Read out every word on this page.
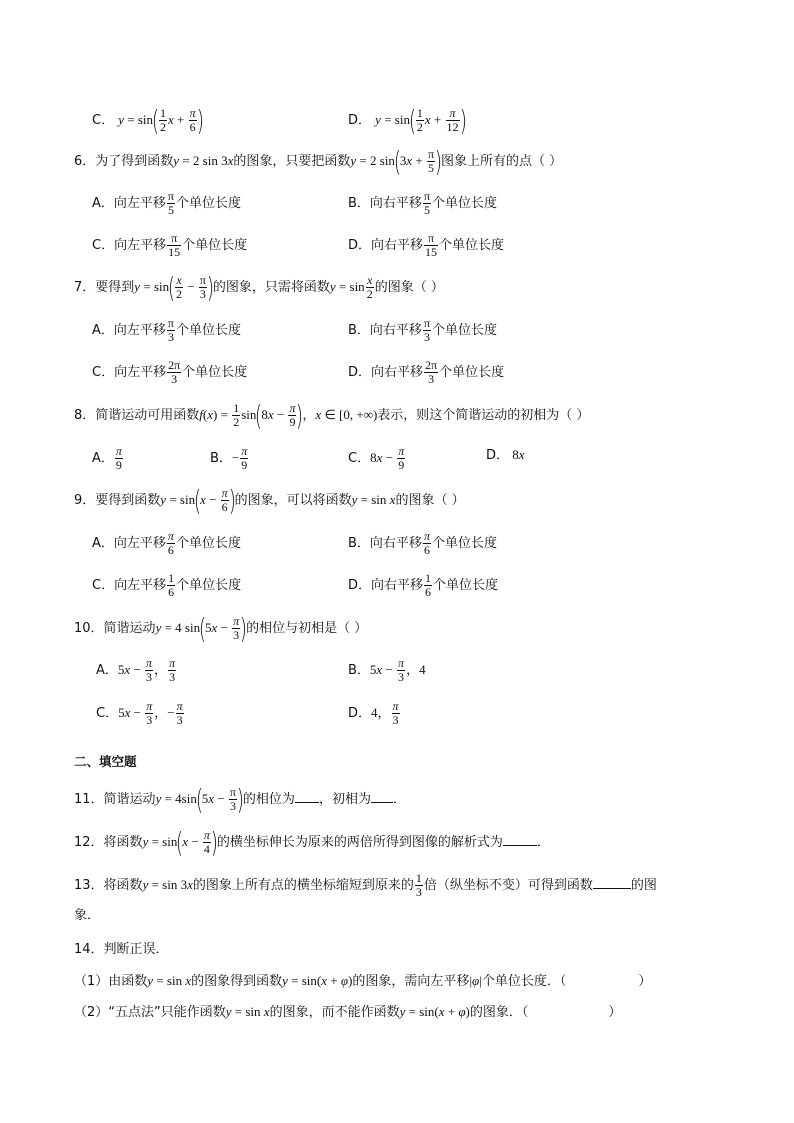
C． $y = \sin( \frac{1}{2}$ $x + \frac{\pi}{6}$ )	D． $y = \sin( \frac{1}{2}$ $x + \frac{\pi}{12}$ )
6．为了得到函数y = 2 sin 3x的图象，只要把函数y = 2 $\sin(3x + \frac{\pi}{5}$ )图象上所有的点（ ）
A．向左平移 $\frac{\pi}{5}$ 个单位长度	B．向右平移 $\frac{\pi}{5}$ 个单位长度
C．向左平移 $\frac{\pi}{15}$ 个单位长度	D．向右平移 $\frac{\pi}{15}$ 个单位长度
7．要得到$y = \sin( \frac{x}{2} - \frac{\pi}{3}$ )的图象，只需将函数$y = \sin \frac{x}{2}$ 的图象（ ）
A．向左平移 $\frac{\pi}{3}$ 个单位长度	B．向右平移 $\frac{\pi}{3}$ 个单位长度
C．向左平移 $\frac{2\pi}{3}$ 个单位长度	D．向右平移 $\frac{2\pi}{3}$ 个单位长度
8．简谐运动可用函数$f(x) = \frac{1}{2} \sin(8x - \frac{\pi}{9}$ )，x ∈ [0, +∞)表示，则这个简谐运动的初相为（ ）
A． $\frac{\pi}{9}$	B．− $\frac{\pi}{9}$	C．$8x - \frac{\pi}{9}$	D． 8x
9．要得到函数$y = \sin(x - \frac{\pi}{6}$ )的图象，可以将函数y = sin x的图象（ ）
A．向左平移 $\frac{\pi}{6}$ 个单位长度	B．向右平移 $\frac{\pi}{6}$ 个单位长度
C．向左平移 $\frac{1}{6}$ 个单位长度	D．向右平移 $\frac{1}{6}$ 个单位长度
10．简谐运动y = 4 $\sin(5x - \frac{\pi}{3}$ )的相位与初相是（ ）
A．$5x - \frac{\pi}{3}$ ， $\frac{\pi}{3}$	B．$5x - \frac{\pi}{3}$ ，4
C．$5x - \frac{\pi}{3}$ ，− $\frac{\pi}{3}$	D．4， $\frac{\pi}{3}$
二、填空题
11．简谐运动$y = 4\sin(5x - \frac{\pi}{3}$ )的相位为 ，初相为 ．
12．将函数$y = \sin(x - \frac{\pi}{4}$ )的横坐标伸长为原来的两倍所得到图像的解析式为	．
13．将函数y = sin 3x的图象上所有点的横坐标缩短到原来的 $\frac{1}{3}$ 倍（纵坐标不变）可得到函数	的图
象．
14．判断正误．
（1）由函数y = sin x的图象得到函数y = sin(x + φ)的图象，需向左平移|φ|个单位长度．（	）
（2）“五点法”只能作函数y = sin x的图象，而不能作函数y = sin(x + φ)的图象．（	）
